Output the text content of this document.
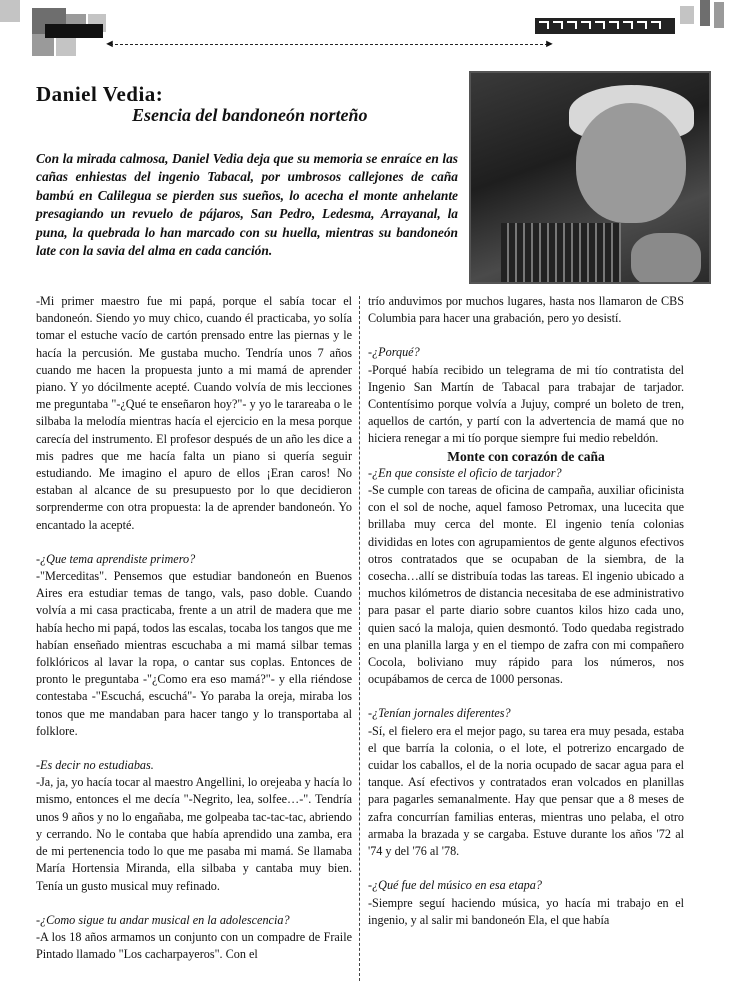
◄	►
Daniel Vedia:
Esencia del bandoneón norteño

Con la mirada calmosa, Daniel Vedia deja que su memoria se enraíce en las cañas enhiestas del ingenio Tabacal, por umbrosos callejones de caña bambú en Calilegua se pierden sus sueños, lo acecha el monte anhelante presagiando un revuelo de pájaros, San Pedro, Ledesma, Arrayanal, la puna, la quebrada lo han marcado con su huella, mientras su bandoneón late con la savia del alma en cada canción.

-Mi primer maestro fue mi papá, porque el sabía tocar el bandoneón. Siendo yo muy chico, cuando él practicaba, yo solía tomar el estuche vacío de cartón prensado entre las piernas y le hacía la percusión. Me gustaba mucho. Tendría unos 7 años cuando me hacen la propuesta junto a mi mamá de aprender piano. Y yo dócilmente acepté. Cuando volvía de mis lecciones me preguntaba "-¿Qué te enseñaron hoy?"- y yo le tarareaba o le silbaba la melodía mientras hacía el ejercicio en la mesa porque carecía del instrumento. El profesor después de un año les dice a mis padres que me hacía falta un piano si quería seguir estudiando. Me imagino el apuro de ellos ¡Eran caros! No estaban al alcance de su presupuesto por lo que decidieron sorprenderme con otra propuesta: la de aprender bandoneón. Yo encantado la acepté.

-¿Que tema aprendiste primero?

-"Merceditas". Pensemos que estudiar bandoneón en Buenos Aires era estudiar temas de tango, vals, paso doble. Cuando volvía a mi casa practicaba, frente a un atril de madera que me había hecho mi papá, todos las escalas, tocaba los tangos que me habían enseñado mientras escuchaba a mi mamá silbar temas folklóricos al lavar la ropa, o cantar sus coplas. Entonces de pronto le preguntaba -"¿Como era eso mamá?"- y ella riéndose contestaba -"Escuchá, escuchá"- Yo paraba la oreja, miraba los tonos que me mandaban para hacer tango y lo transportaba al folklore.

-Es decir no estudiabas.

-Ja, ja, yo hacía tocar al maestro Angellini, lo orejeaba y hacía lo mismo, entonces el me decía "-Negrito, lea, solfee…-". Tendría unos 9 años y no lo engañaba, me golpeaba tac-tac-tac, abriendo y cerrando. No le contaba que había aprendido una zamba, era de mi pertenencia todo lo que me pasaba mi mamá. Se llamaba María Hortensia Miranda, ella silbaba y cantaba muy bien. Tenía un gusto musical muy refinado.

-¿Como sigue tu andar musical en la adolescencia?

-A los 18 años armamos un conjunto con un compadre de Fraile Pintado llamado "Los cacharpayeros". Con el

trío anduvimos por muchos lugares, hasta nos llamaron de CBS Columbia para hacer una grabación, pero yo desistí.

-¿Porqué?

-Porqué había recibido un telegrama de mi tío contratista del Ingenio San Martín de Tabacal para trabajar de tarjador. Contentísimo porque volvía a Jujuy, compré un boleto de tren, aquellos de cartón, y partí con la advertencia de mamá que no hiciera renegar a mi tío porque siempre fui medio rebeldón.

Monte con corazón de caña

-¿En que consiste el oficio de tarjador?

-Se cumple con tareas de oficina de campaña, auxiliar oficinista con el sol de noche, aquel famoso Petromax, una lucecita que brillaba muy cerca del monte. El ingenio tenía colonias divididas en lotes con agrupamientos de gente algunos efectivos otros contratados que se ocupaban de la siembra, de la cosecha…allí se distribuía todas las tareas. El ingenio ubicado a muchos kilómetros de distancia necesitaba de ese administrativo para pasar el parte diario sobre cuantos kilos hizo cada uno, quien sacó la maloja, quien desmontó. Todo quedaba registrado en una planilla larga y en el tiempo de zafra con mi compañero Cocola, boliviano muy rápido para los números, nos ocupábamos de cerca de 1000 personas.

-¿Tenían jornales diferentes?

-Sí, el fielero era el mejor pago, su tarea era muy pesada, estaba el que barría la colonia, o el lote, el potrerizo encargado de cuidar los caballos, el de la noria ocupado de sacar agua para el tanque. Así efectivos y contratados eran volcados en planillas para pagarles semanalmente. Hay que pensar que a 8 meses de zafra concurrían familias enteras, mientras uno pelaba, el otro armaba la brazada y se cargaba. Estuve durante los años '72 al '74 y del '76 al '78.

-¿Qué fue del músico en esa etapa?

-Siempre seguí haciendo música, yo hacía mi trabajo en el ingenio, y al salir mi bandoneón Ela, el que había
